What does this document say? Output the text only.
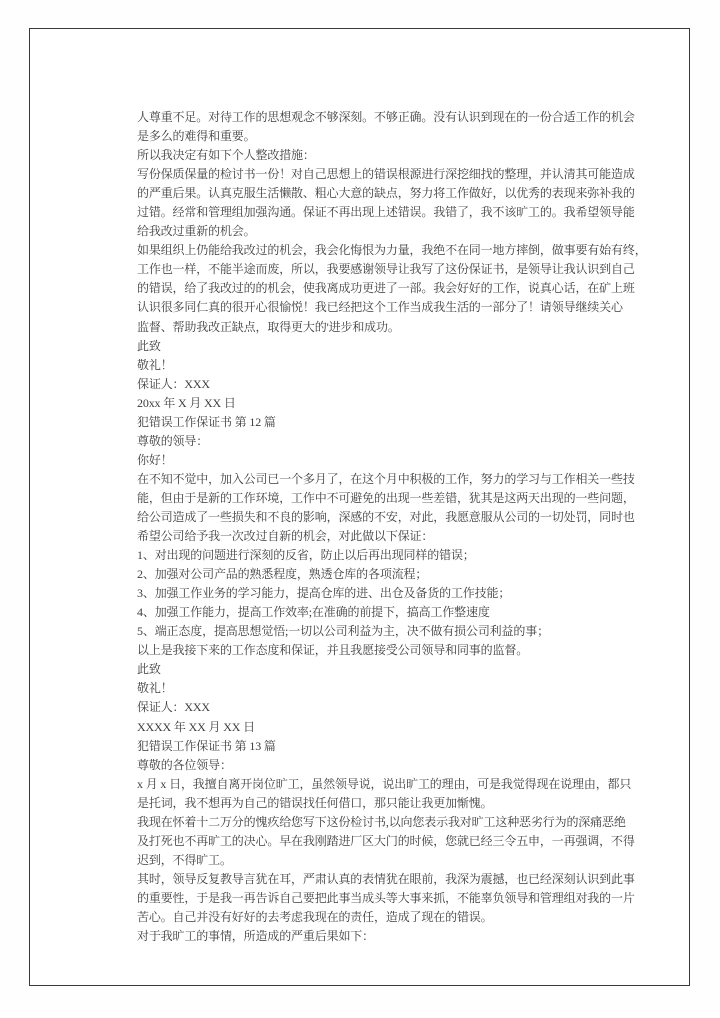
人尊重不足。对待工作的思想观念不够深刻。不够正确。没有认识到现在的一份合适工作的机会
是多么的难得和重要。
所以我决定有如下个人整改措施：
写份保质保量的检讨书一份！对自己思想上的错误根源进行深挖细找的整理，并认清其可能造成
的严重后果。认真克服生活懒散、粗心大意的缺点，努力将工作做好，以优秀的表现来弥补我的
过错。经常和管理组加强沟通。保证不再出现上述错误。我错了，我不该旷工的。我希望领导能
给我改过重新的机会。
如果组织上仍能给我改过的机会，我会化悔恨为力量，我绝不在同一地方摔倒，做事要有始有终，
工作也一样，不能半途而废，所以，我要感谢领导让我写了这份保证书，是领导让我认识到自己
的错误，给了我改过的的机会，使我离成功更进了一部。我会好好的工作，说真心话，在矿上班
认识很多同仁真的很开心很愉悦！我已经把这个工作当成我生活的一部分了！请领导继续关心
监督、帮助我改正缺点，取得更大的'进步和成功。
此致
敬礼！
保证人：XXX
20xx 年 X 月 XX 日
犯错误工作保证书 第 12 篇
尊敬的领导：
你好！
在不知不觉中，加入公司已一个多月了，在这个月中积极的工作，努力的学习与工作相关一些技
能，但由于是新的工作环境，工作中不可避免的出现一些差错，犹其是这两天出现的一些问题，
给公司造成了一些损失和不良的影响，深感的不安，对此，我愿意服从公司的一切处罚，同时也
希望公司给予我一次改过自新的机会，对此做以下保证：
1、对出现的问题进行深刻的反省，防止以后再出现同样的错误；
2、加强对公司产品的熟悉程度，熟透仓库的各项流程；
3、加强工作业务的学习能力，提高仓库的进、出仓及备货的工作技能；
4、加强工作能力，提高工作效率;在准确的前提下，搞高工作整速度
5、端正态度，提高思想觉悟;一切以公司利益为主，决不做有损公司利益的事；
以上是我接下来的工作态度和保证，并且我愿接受公司领导和同事的监督。
此致
敬礼！
保证人：XXX
XXXX 年 XX 月 XX 日
犯错误工作保证书 第 13 篇
尊敬的各位领导：
x 月 x 日，我擅自离开岗位旷工，虽然领导说，说出旷工的理由，可是我觉得现在说理由，都只
是托词，我不想再为自己的错误找任何借口，那只能让我更加惭愧。
我现在怀着十二万分的愧疚给您写下这份检讨书,以向您表示我对旷工这种恶劣行为的深痛恶绝
及打死也不再旷工的决心。早在我刚踏进厂区大门的时候，您就已经三令五申，一再强调，不得
迟到，不得旷工。
其时，领导反复教导言犹在耳，严肃认真的表情犹在眼前，我深为震撼，也已经深刻认识到此事
的重要性，于是我一再告诉自己要把此事当成头等大事来抓，不能辜负领导和管理组对我的一片
苦心。自己并没有好好的去考虑我现在的责任，造成了现在的错误。
对于我旷工的事情，所造成的严重后果如下：
